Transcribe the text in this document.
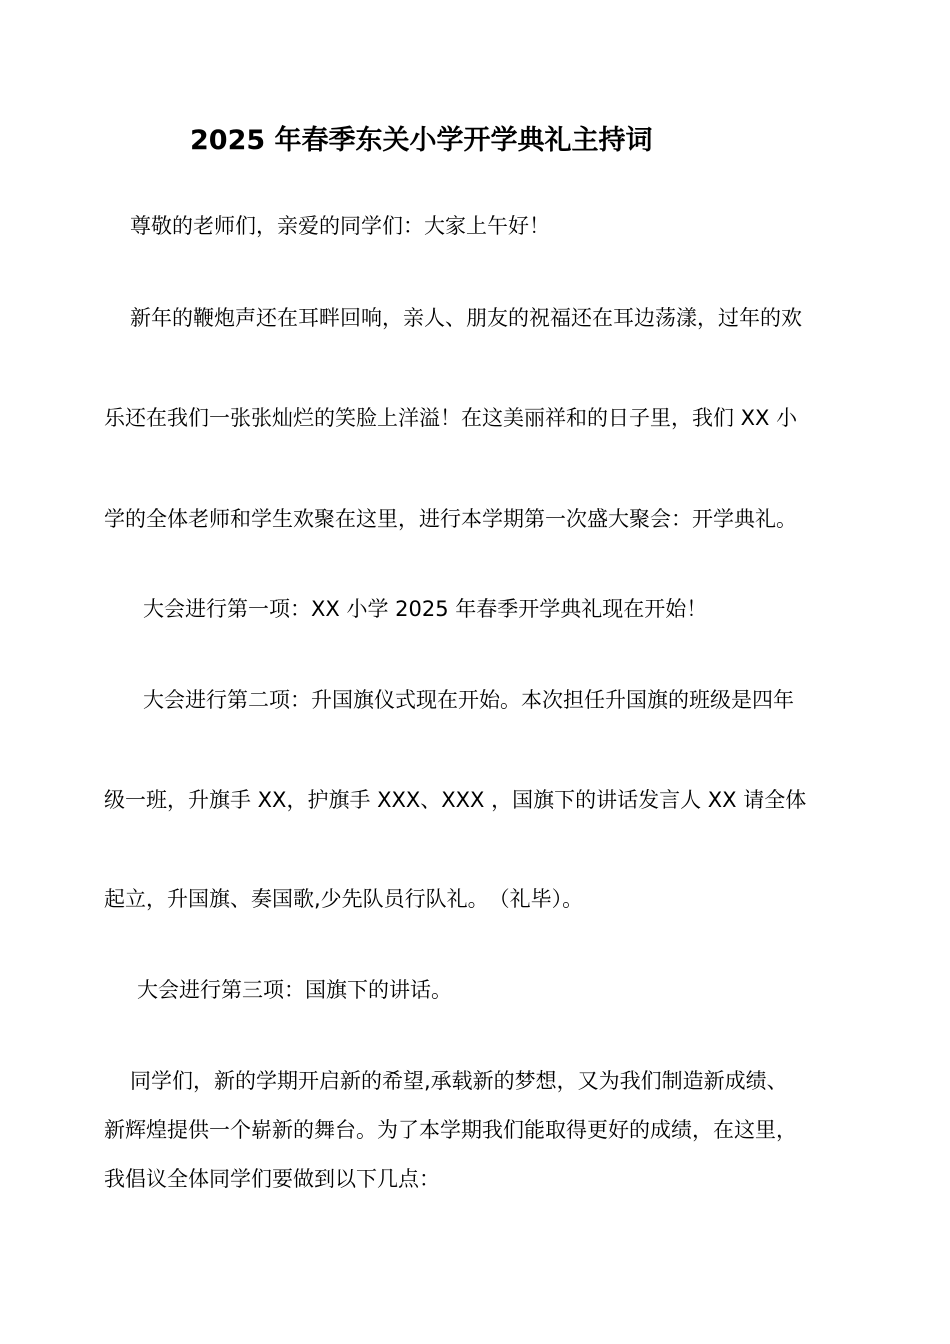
2025 年春季东关小学开学典礼主持词
尊敬的老师们，亲爱的同学们：大家上午好！
新年的鞭炮声还在耳畔回响，亲人、朋友的祝福还在耳边荡漾，过年的欢
乐还在我们一张张灿烂的笑脸上洋溢！在这美丽祥和的日子里，我们 XX 小
学的全体老师和学生欢聚在这里，进行本学期第一次盛大聚会：开学典礼。
大会进行第一项：XX 小学 2025 年春季开学典礼现在开始！
大会进行第二项：升国旗仪式现在开始。本次担任升国旗的班级是四年
级一班，升旗手 XX，护旗手 XXX、XXX ，国旗下的讲话发言人 XX 请全体
起立，升国旗、奏国歌,少先队员行队礼。　（礼毕）。
大会进行第三项：国旗下的讲话。
同学们，新的学期开启新的希望,承载新的梦想，又为我们制造新成绩、
新辉煌提供一个崭新的舞台。为了本学期我们能取得更好的成绩，在这里，
我倡议全体同学们要做到以下几点：
